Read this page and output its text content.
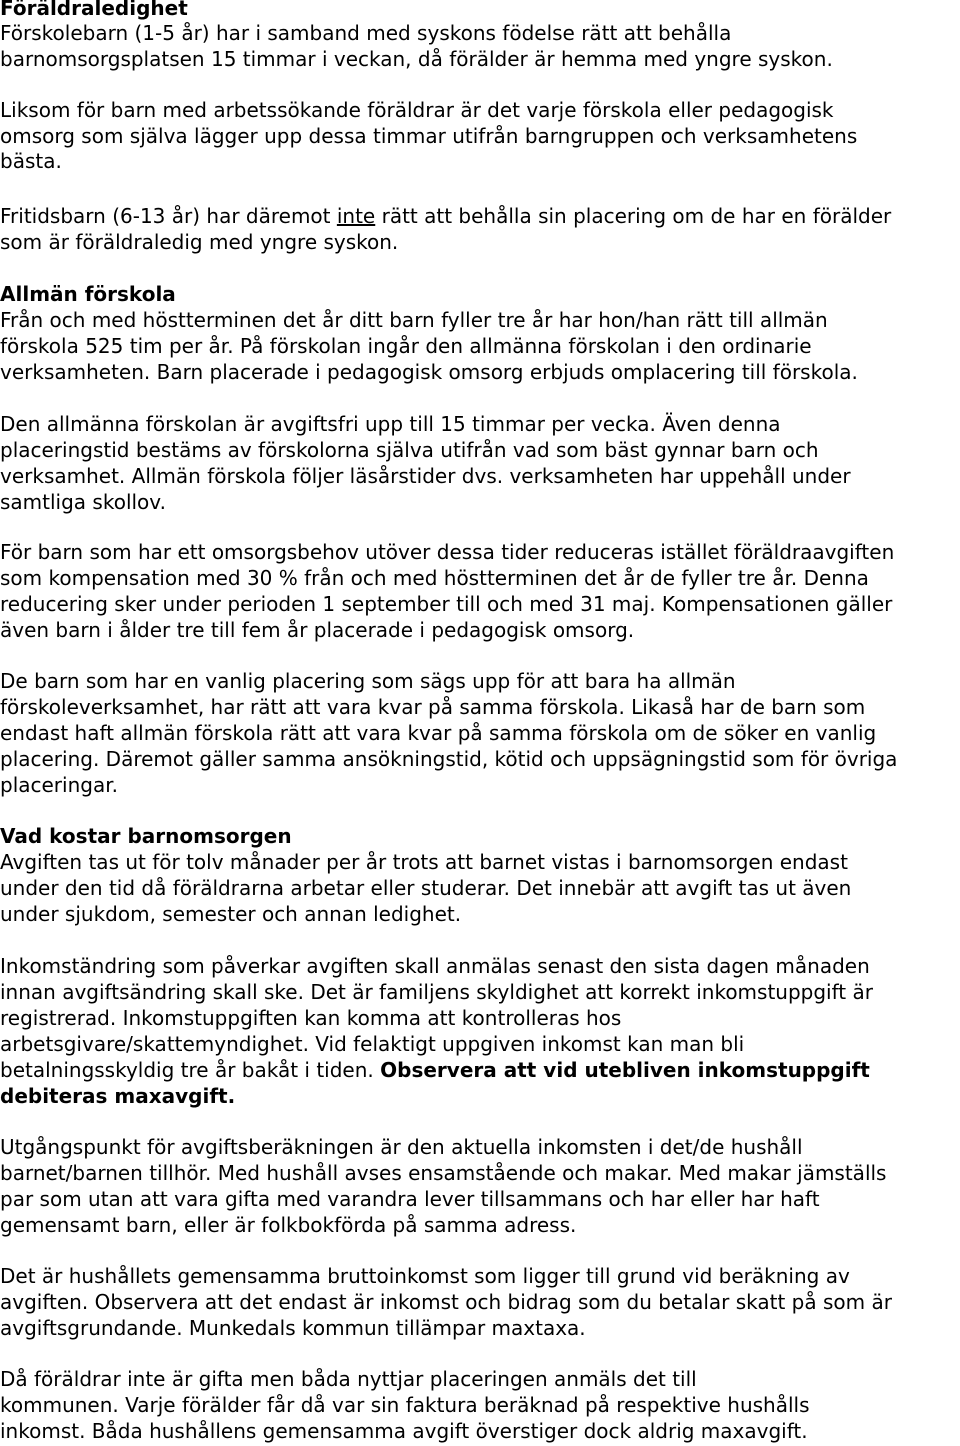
Föräldraledighet

Förskolebarn (1-5 år) har i samband med syskons födelse rätt att behålla
barnomsorgsplatsen 15 timmar i veckan, då förälder är hemma med yngre syskon.

Liksom för barn med arbetssökande föräldrar är det varje förskola eller pedagogisk
omsorg som själva lägger upp dessa timmar utifrån barngruppen och verksamhetens
bästa.

Fritidsbarn (6-13 år) har däremot inte rätt att behålla sin placering om de har en förälder
som är föräldraledig med yngre syskon.

Allmän förskola

Från och med höstterminen det år ditt barn fyller tre år har hon/han rätt till allmän
förskola 525 tim per år. På förskolan ingår den allmänna förskolan i den ordinarie
verksamheten. Barn placerade i pedagogisk omsorg erbjuds omplacering till förskola.

Den allmänna förskolan är avgiftsfri upp till 15 timmar per vecka. Även denna
placeringstid bestäms av förskolorna själva utifrån vad som bäst gynnar barn och
verksamhet. Allmän förskola följer läsårstider dvs. verksamheten har uppehåll under
samtliga skollov.

För barn som har ett omsorgsbehov utöver dessa tider reduceras istället föräldraavgiften
som kompensation med 30 % från och med höstterminen det år de fyller tre år. Denna
reducering sker under perioden 1 september till och med 31 maj. Kompensationen gäller
även barn i ålder tre till fem år placerade i pedagogisk omsorg.

De barn som har en vanlig placering som sägs upp för att bara ha allmän
förskoleverksamhet, har rätt att vara kvar på samma förskola. Likaså har de barn som
endast haft allmän förskola rätt att vara kvar på samma förskola om de söker en vanlig
placering. Däremot gäller samma ansökningstid, kötid och uppsägningstid som för övriga
placeringar.

Vad kostar barnomsorgen

Avgiften tas ut för tolv månader per år trots att barnet vistas i barnomsorgen endast
under den tid då föräldrarna arbetar eller studerar. Det innebär att avgift tas ut även
under sjukdom, semester och annan ledighet.

Inkomständring som påverkar avgiften skall anmälas senast den sista dagen månaden
innan avgiftsändring skall ske. Det är familjens skyldighet att korrekt inkomstuppgift är
registrerad. Inkomstuppgiften kan komma att kontrolleras hos
arbetsgivare/skattemyndighet. Vid felaktigt uppgiven inkomst kan man bli
betalningsskyldig tre år bakåt i tiden. Observera att vid utebliven inkomstuppgift
debiteras maxavgift.

Utgångspunkt för avgiftsberäkningen är den aktuella inkomsten i det/de hushåll
barnet/barnen tillhör. Med hushåll avses ensamstående och makar. Med makar jämställs
par som utan att vara gifta med varandra lever tillsammans och har eller har haft
gemensamt barn, eller är folkbokförda på samma adress.

Det är hushållets gemensamma bruttoinkomst som ligger till grund vid beräkning av
avgiften. Observera att det endast är inkomst och bidrag som du betalar skatt på som är
avgiftsgrundande. Munkedals kommun tillämpar maxtaxa.

Då föräldrar inte är gifta men båda nyttjar placeringen anmäls det till
kommunen. Varje förälder får då var sin faktura beräknad på respektive hushålls
inkomst. Båda hushållens gemensamma avgift överstiger dock aldrig maxavgift.
